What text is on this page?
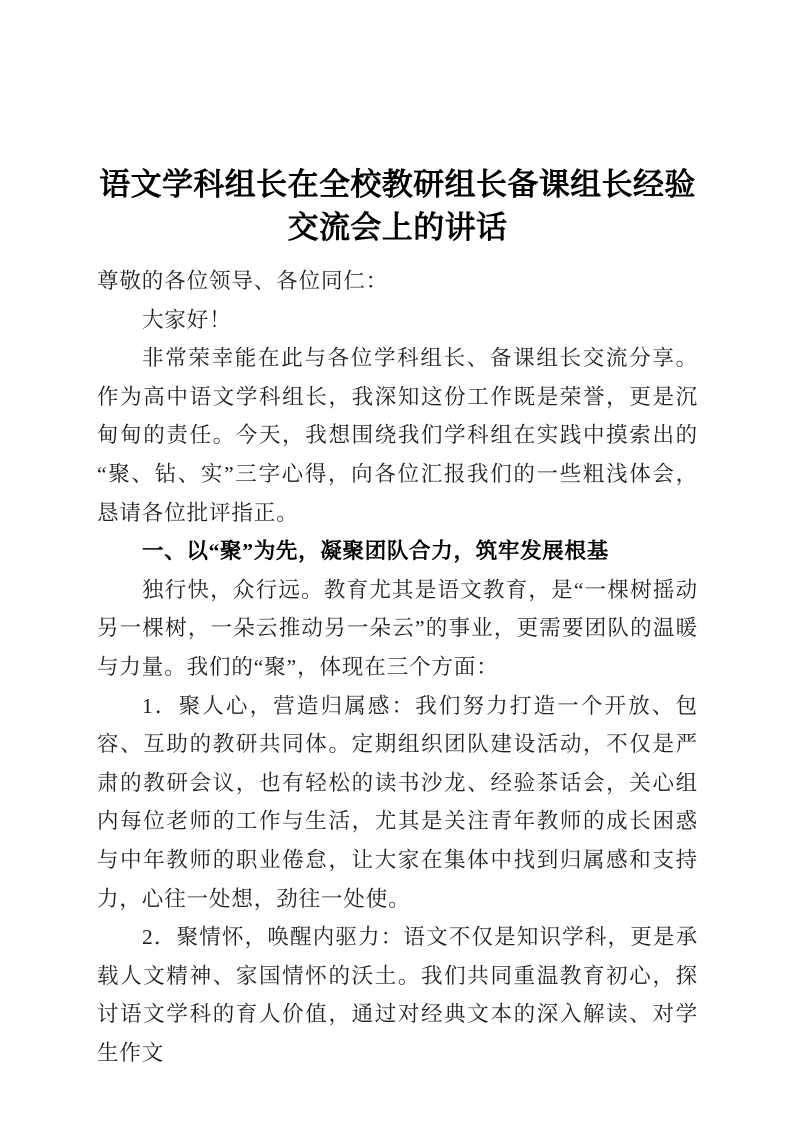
语文学科组长在全校教研组长备课组长经验交流会上的讲话

尊敬的各位领导、各位同仁：

大家好！

非常荣幸能在此与各位学科组长、备课组长交流分享。作为高中语文学科组长，我深知这份工作既是荣誉，更是沉甸甸的责任。今天，我想围绕我们学科组在实践中摸索出的“聚、钻、实”三字心得，向各位汇报我们的一些粗浅体会，恳请各位批评指正。

一、以“聚”为先，凝聚团队合力，筑牢发展根基

独行快，众行远。教育尤其是语文教育，是“一棵树摇动另一棵树，一朵云推动另一朵云”的事业，更需要团队的温暖与力量。我们的“聚”，体现在三个方面：

1．聚人心，营造归属感：我们努力打造一个开放、包容、互助的教研共同体。定期组织团队建设活动，不仅是严肃的教研会议，也有轻松的读书沙龙、经验茶话会，关心组内每位老师的工作与生活，尤其是关注青年教师的成长困惑与中年教师的职业倦怠，让大家在集体中找到归属感和支持力，心往一处想，劲往一处使。

2．聚情怀，唤醒内驱力：语文不仅是知识学科，更是承载人文精神、家国情怀的沃土。我们共同重温教育初心，探讨语文学科的育人价值，通过对经典文本的深入解读、对学生作文
